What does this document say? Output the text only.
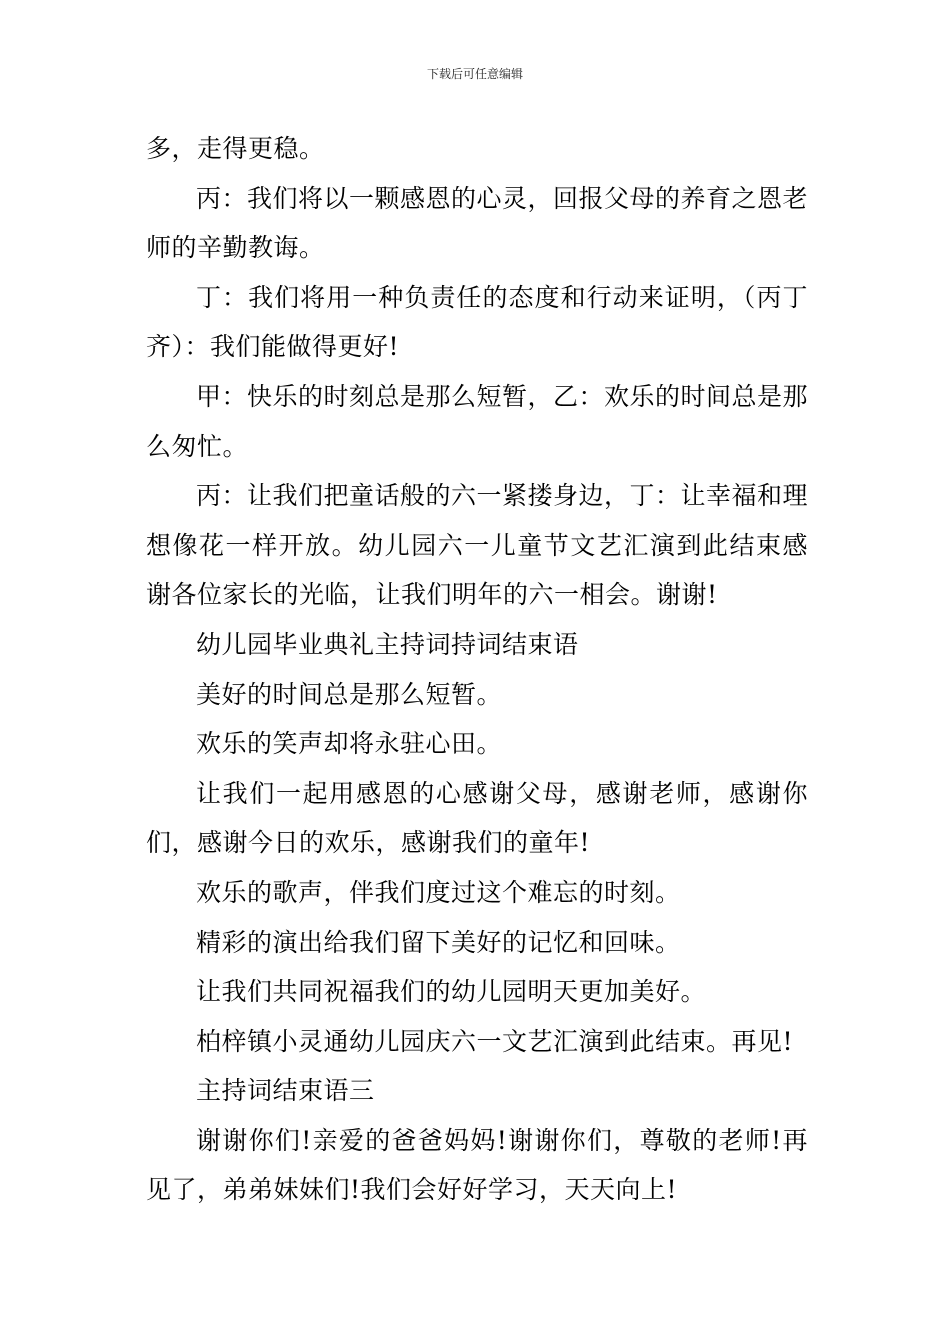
下载后可任意编辑

多，走得更稳。

丙：我们将以一颗感恩的心灵，回报父母的养育之恩老师的辛勤教诲。

丁：我们将用一种负责任的态度和行动来证明，（丙丁齐）：我们能做得更好!

甲：快乐的时刻总是那么短暂，乙：欢乐的时间总是那么匆忙。

丙：让我们把童话般的六一紧搂身边，丁：让幸福和理想像花一样开放。幼儿园六一儿童节文艺汇演到此结束感谢各位家长的光临，让我们明年的六一相会。谢谢!

幼儿园毕业典礼主持词持词结束语

美好的时间总是那么短暂。

欢乐的笑声却将永驻心田。

让我们一起用感恩的心感谢父母，感谢老师，感谢你们，感谢今日的欢乐，感谢我们的童年!

欢乐的歌声，伴我们度过这个难忘的时刻。

精彩的演出给我们留下美好的记忆和回味。

让我们共同祝福我们的幼儿园明天更加美好。

柏梓镇小灵通幼儿园庆六一文艺汇演到此结束。再见!

主持词结束语三

谢谢你们!亲爱的爸爸妈妈!谢谢你们，尊敬的老师!再见了，弟弟妹妹们!我们会好好学习，天天向上!
